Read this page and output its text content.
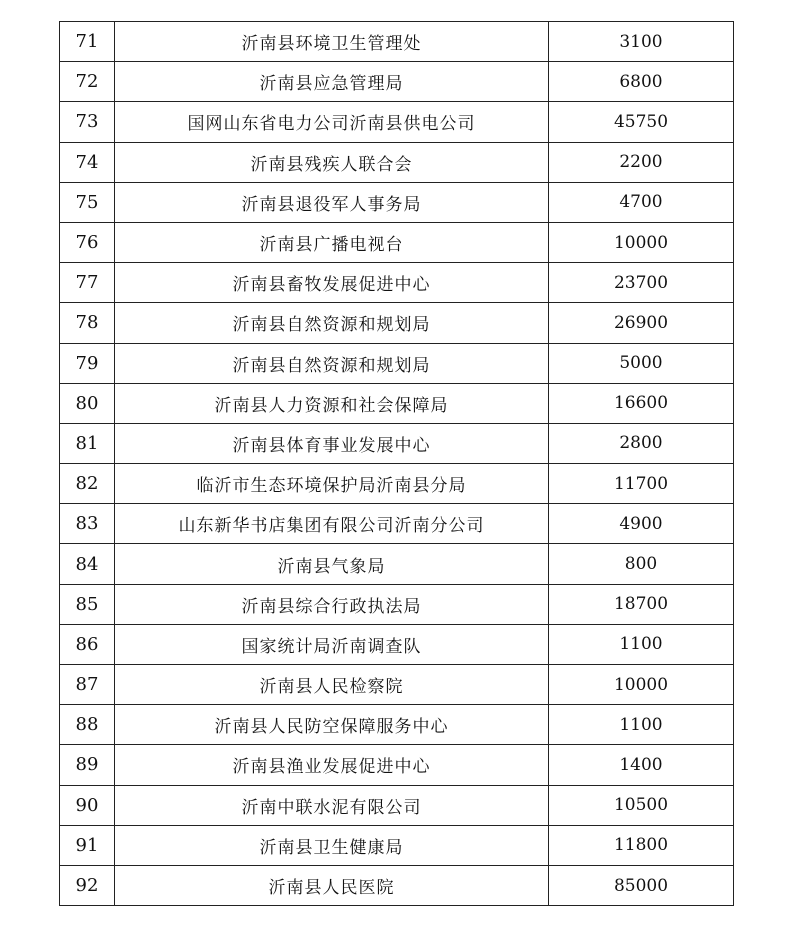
71	沂南县环境卫生管理处	3100
72	沂南县应急管理局	6800
73	国网山东省电力公司沂南县供电公司	45750
74	沂南县残疾人联合会	2200
75	沂南县退役军人事务局	4700
76	沂南县广播电视台	10000
77	沂南县畜牧发展促进中心	23700
78	沂南县自然资源和规划局	26900
79	沂南县自然资源和规划局	5000
80	沂南县人力资源和社会保障局	16600
81	沂南县体育事业发展中心	2800
82	临沂市生态环境保护局沂南县分局	11700
83	山东新华书店集团有限公司沂南分公司	4900
84	沂南县气象局	800
85	沂南县综合行政执法局	18700
86	国家统计局沂南调查队	1100
87	沂南县人民检察院	10000
88	沂南县人民防空保障服务中心	1100
89	沂南县渔业发展促进中心	1400
90	沂南中联水泥有限公司	10500
91	沂南县卫生健康局	11800
92	沂南县人民医院	85000
